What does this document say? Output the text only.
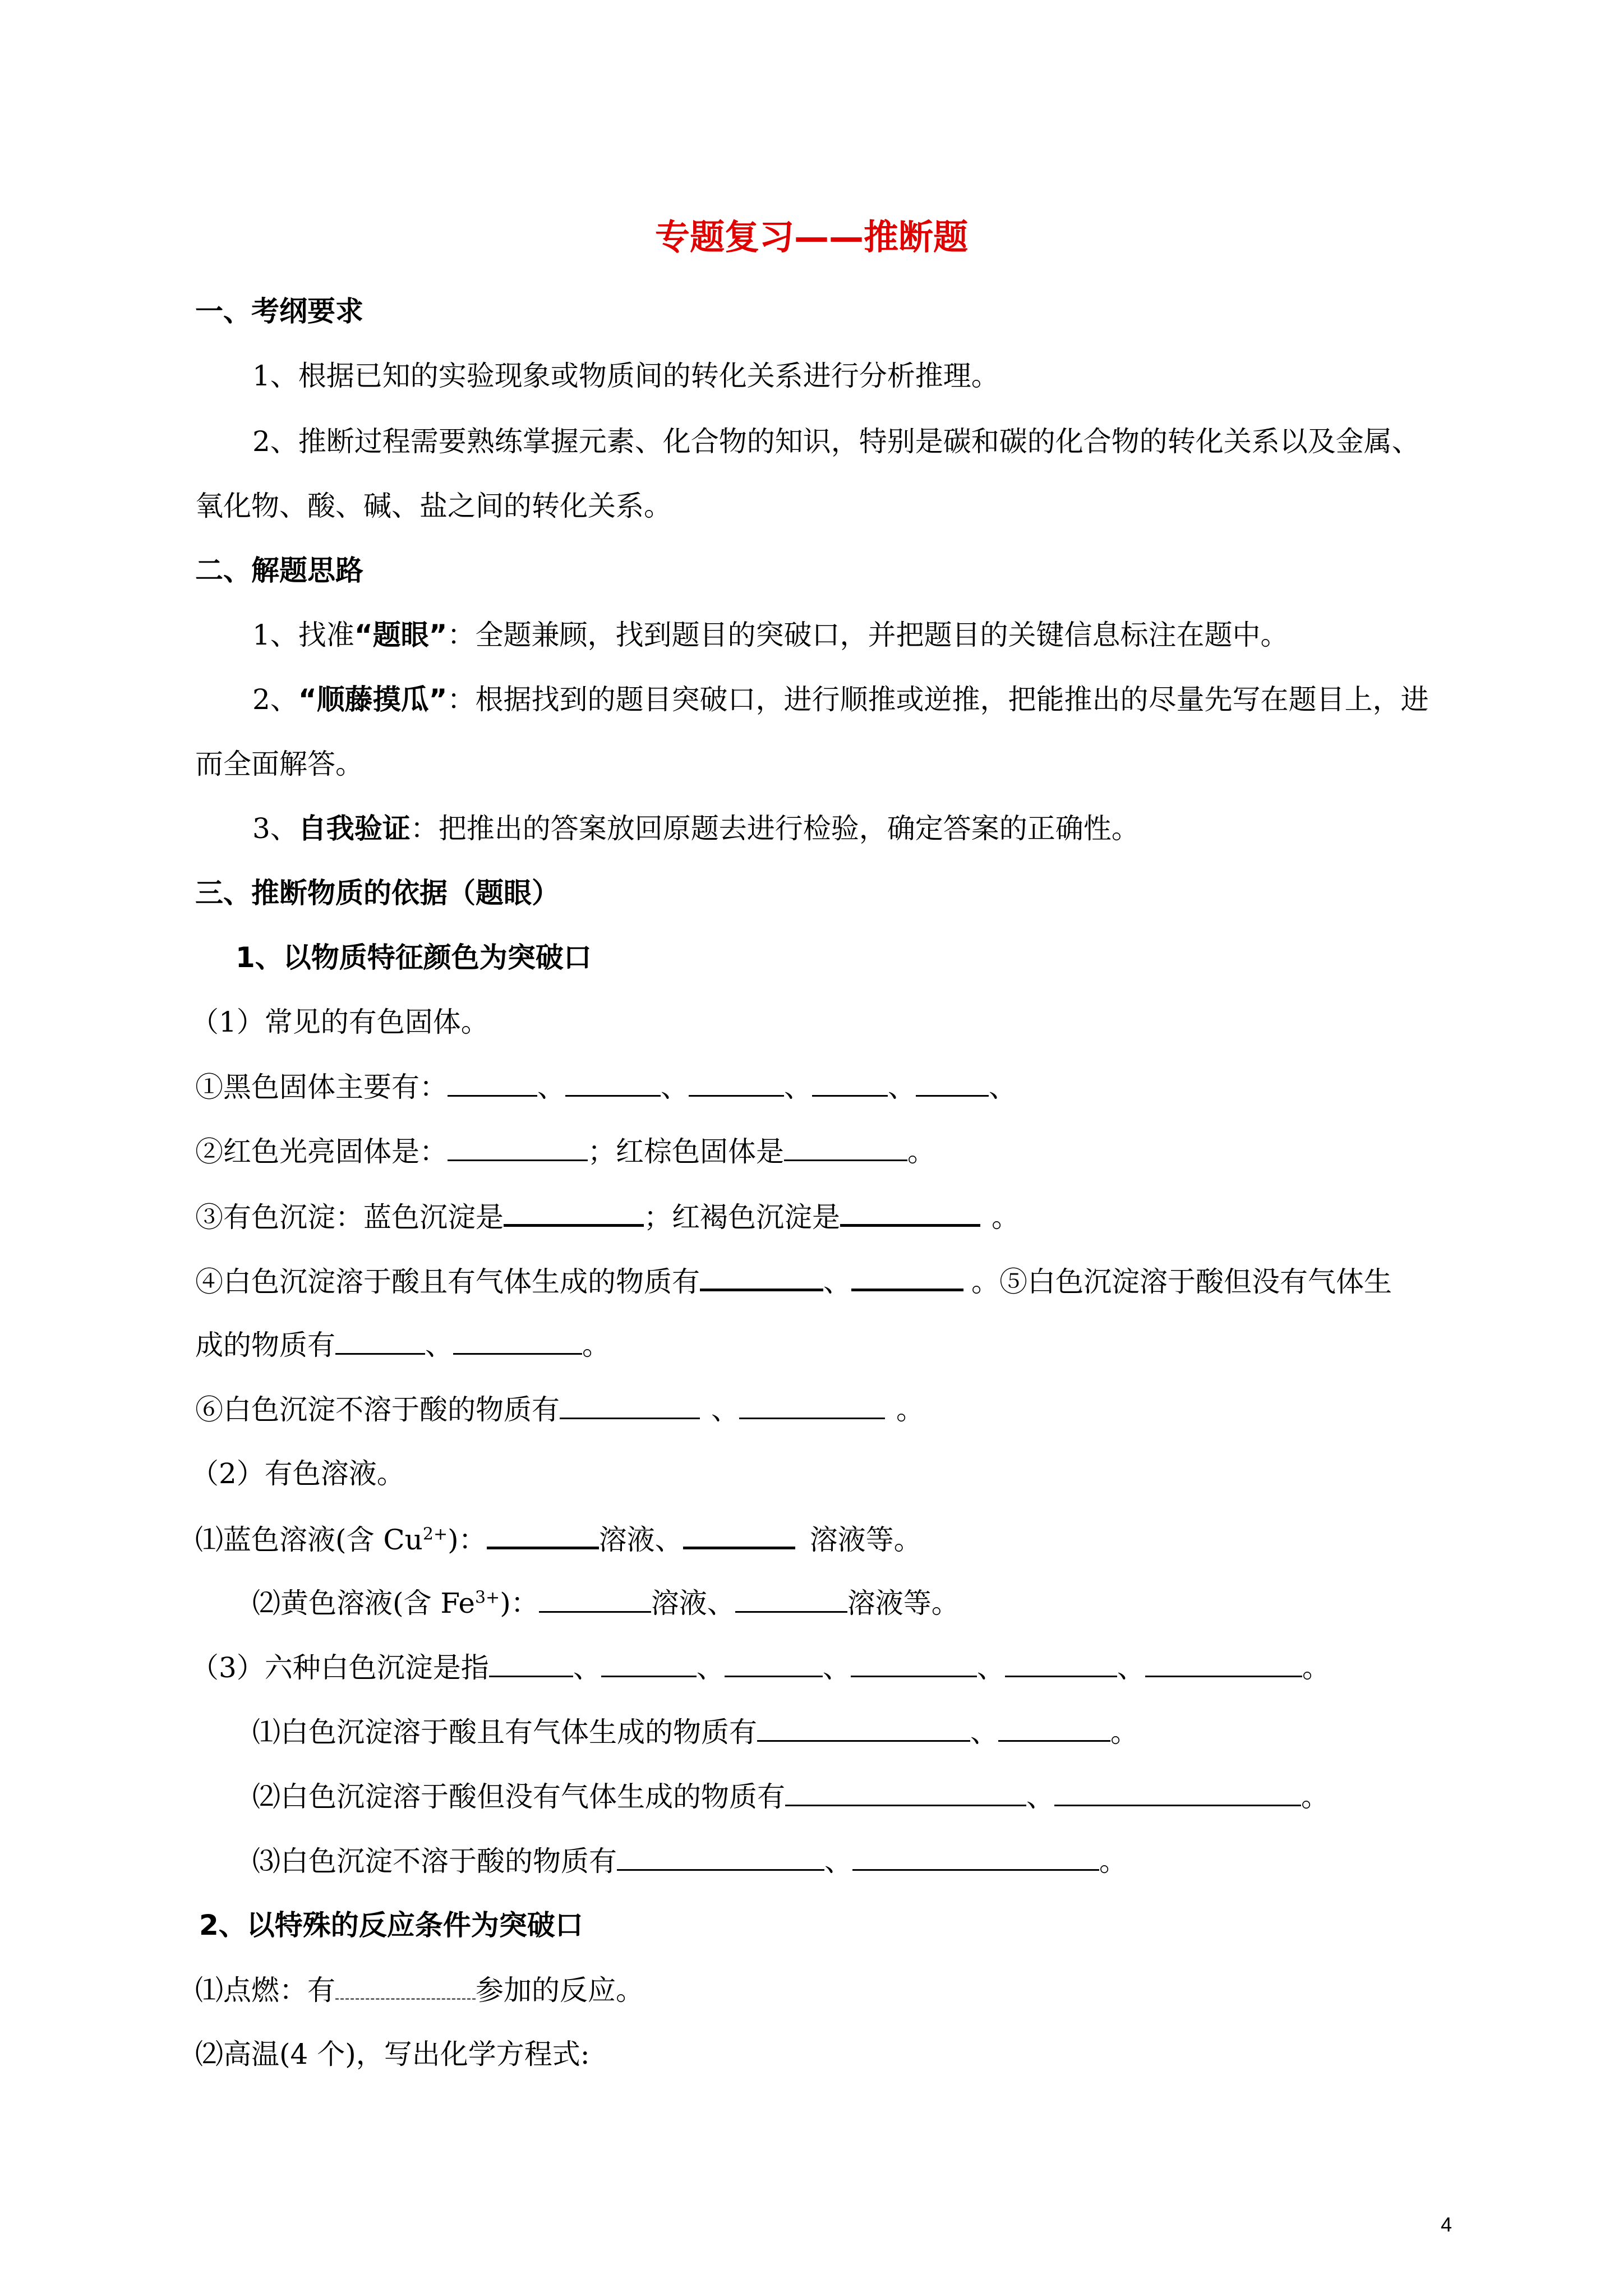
专题复习——推断题
一、考纲要求
1、根据已知的实验现象或物质间的转化关系进行分析推理。
2、推断过程需要熟练掌握元素、化合物的知识，特别是碳和碳的化合物的转化关系以及金属、
氧化物、酸、碱、盐之间的转化关系。
二、解题思路
1、找准“题眼”：全题兼顾，找到题目的突破口，并把题目的关键信息标注在题中。
2、“顺藤摸瓜”：根据找到的题目突破口，进行顺推或逆推，把能推出的尽量先写在题目上，进
而全面解答。
3、自我验证：把推出的答案放回原题去进行检验，确定答案的正确性。
三、推断物质的依据（题眼）
1、以物质特征颜色为突破口
（1）常见的有色固体。
①黑色固体主要有：	、	、	、	、	、
②红色光亮固体是：	；红棕色固体是	。
③有色沉淀：蓝色沉淀是	；红褐色沉淀是	。
④白色沉淀溶于酸且有气体生成的物质有	、	。⑤白色沉淀溶于酸但没有气体生
成的物质有	、	。
⑥白色沉淀不溶于酸的物质有	、	。
（2）有色溶液。
⑴蓝色溶液(含 $Cu^{2+}$)：	溶液、	溶液等。
⑵黄色溶液(含 $Fe^{3+}$)：	溶液、	溶液等。
（3）六种白色沉淀是指	、	、	、	、	、	。
⑴白色沉淀溶于酸且有气体生成的物质有	、	。
⑵白色沉淀溶于酸但没有气体生成的物质有	、	。
⑶白色沉淀不溶于酸的物质有	、	。
2、以特殊的反应条件为突破口
⑴点燃：有	参加的反应。
⑵高温(4 个)，写出化学方程式:
4
